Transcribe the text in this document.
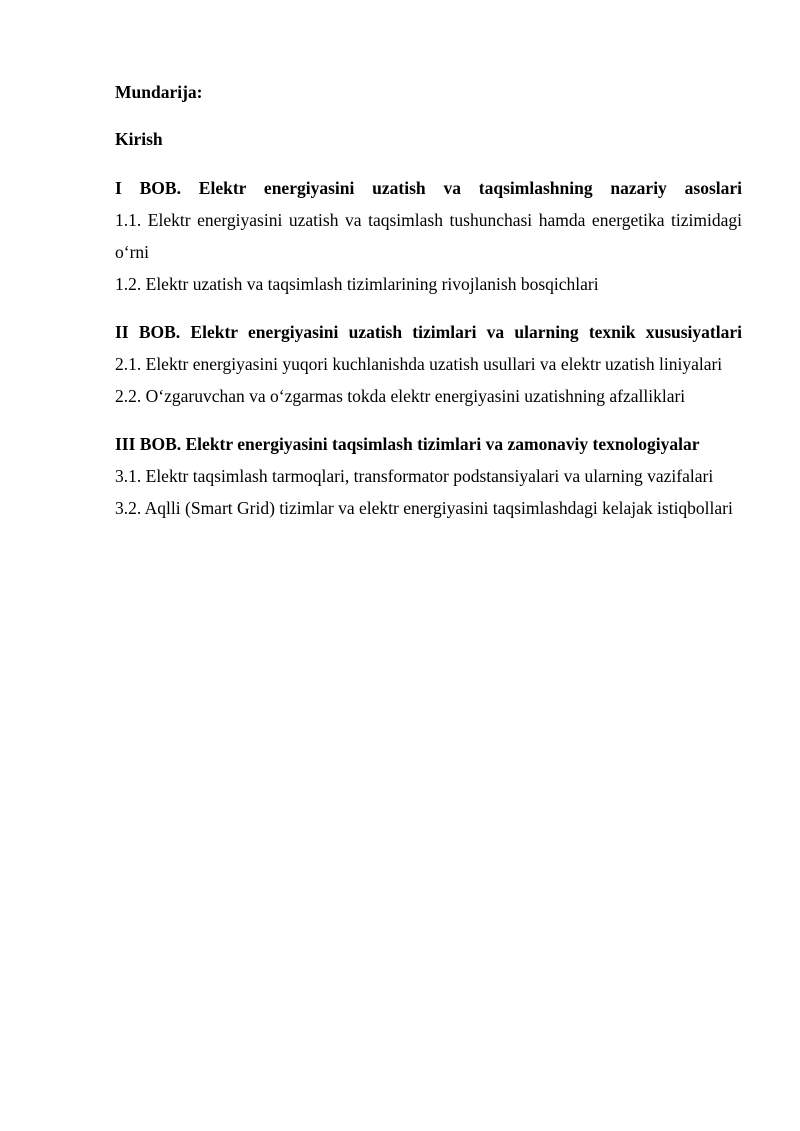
Mundarija:

Kirish

I BOB. Elektr energiyasini uzatish va taqsimlashning nazariy asoslari
1.1. Elektr energiyasini uzatish va taqsimlash tushunchasi hamda energetika tizimidagi o‘rni
1.2. Elektr uzatish va taqsimlash tizimlarining rivojlanish bosqichlari
II BOB. Elektr energiyasini uzatish tizimlari va ularning texnik xususiyatlari
2.1. Elektr energiyasini yuqori kuchlanishda uzatish usullari va elektr uzatish liniyalari
2.2. O‘zgaruvchan va o‘zgarmas tokda elektr energiyasini uzatishning afzalliklari
III BOB. Elektr energiyasini taqsimlash tizimlari va zamonaviy texnologiyalar
3.1. Elektr taqsimlash tarmoqlari, transformator podstansiyalari va ularning vazifalari
3.2. Aqlli (Smart Grid) tizimlar va elektr energiyasini taqsimlashdagi kelajak istiqbollari
